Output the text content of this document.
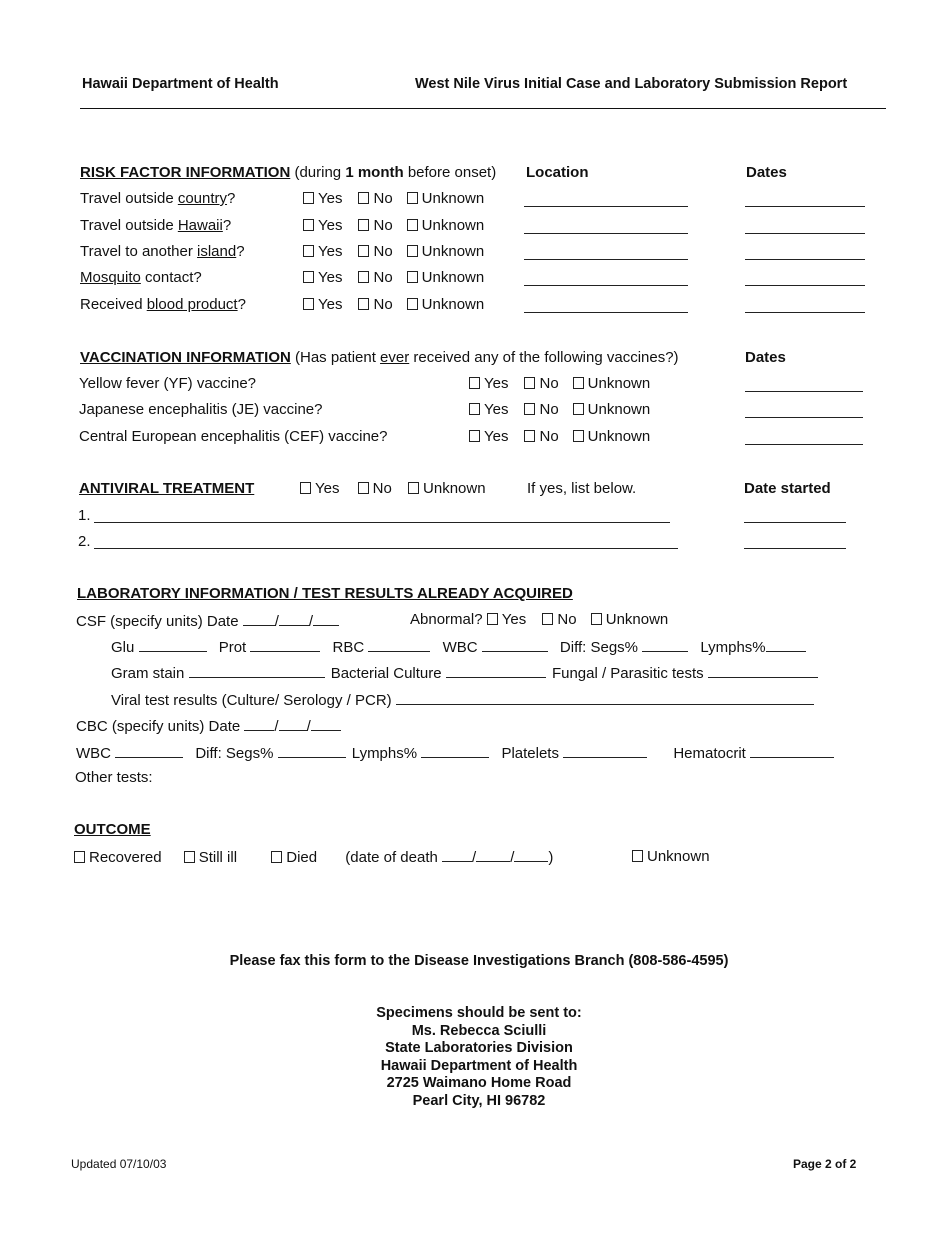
Hawaii Department of Health	West Nile Virus Initial Case and Laboratory Submission Report
RISK FACTOR INFORMATION (during 1 month before onset) Location	Dates
Travel outside country?	Yes No Unknown
Travel outside Hawaii?	Yes No Unknown
Travel to another island?	Yes No Unknown
Mosquito contact?	Yes No Unknown
Received blood product?	Yes No Unknown
VACCINATION INFORMATION (Has patient ever received any of the following vaccines?)	Dates
Yellow fever (YF) vaccine?	Yes No Unknown
Japanese encephalitis (JE) vaccine?	Yes No Unknown
Central European encephalitis (CEF) vaccine?	Yes No Unknown
ANTIVIRAL TREATMENT	Yes No Unknown	If yes, list below.	Date started
1.
2.
LABORATORY INFORMATION / TEST RESULTS ALREADY ACQUIRED
CSF (specify units) Date / /	Abnormal? Yes No Unknown
Glu	Prot	RBC	WBC	Diff: Segs%	Lymphs%
Gram stain	Bacterial Culture	Fungal / Parasitic tests
Viral test results (Culture/ Serology / PCR)
CBC (specify units) Date / /
WBC	Diff: Segs%	Lymphs%	Platelets	Hematocrit
Other tests:
OUTCOME
Recovered Still ill	Died (date of death / / )	Unknown
Please fax this form to the Disease Investigations Branch (808-586-4595)
Specimens should be sent to:
Ms. Rebecca Sciulli
State Laboratories Division
Hawaii Department of Health
2725 Waimano Home Road
Pearl City, HI 96782
Updated 07/10/03	Page 2 of 2
